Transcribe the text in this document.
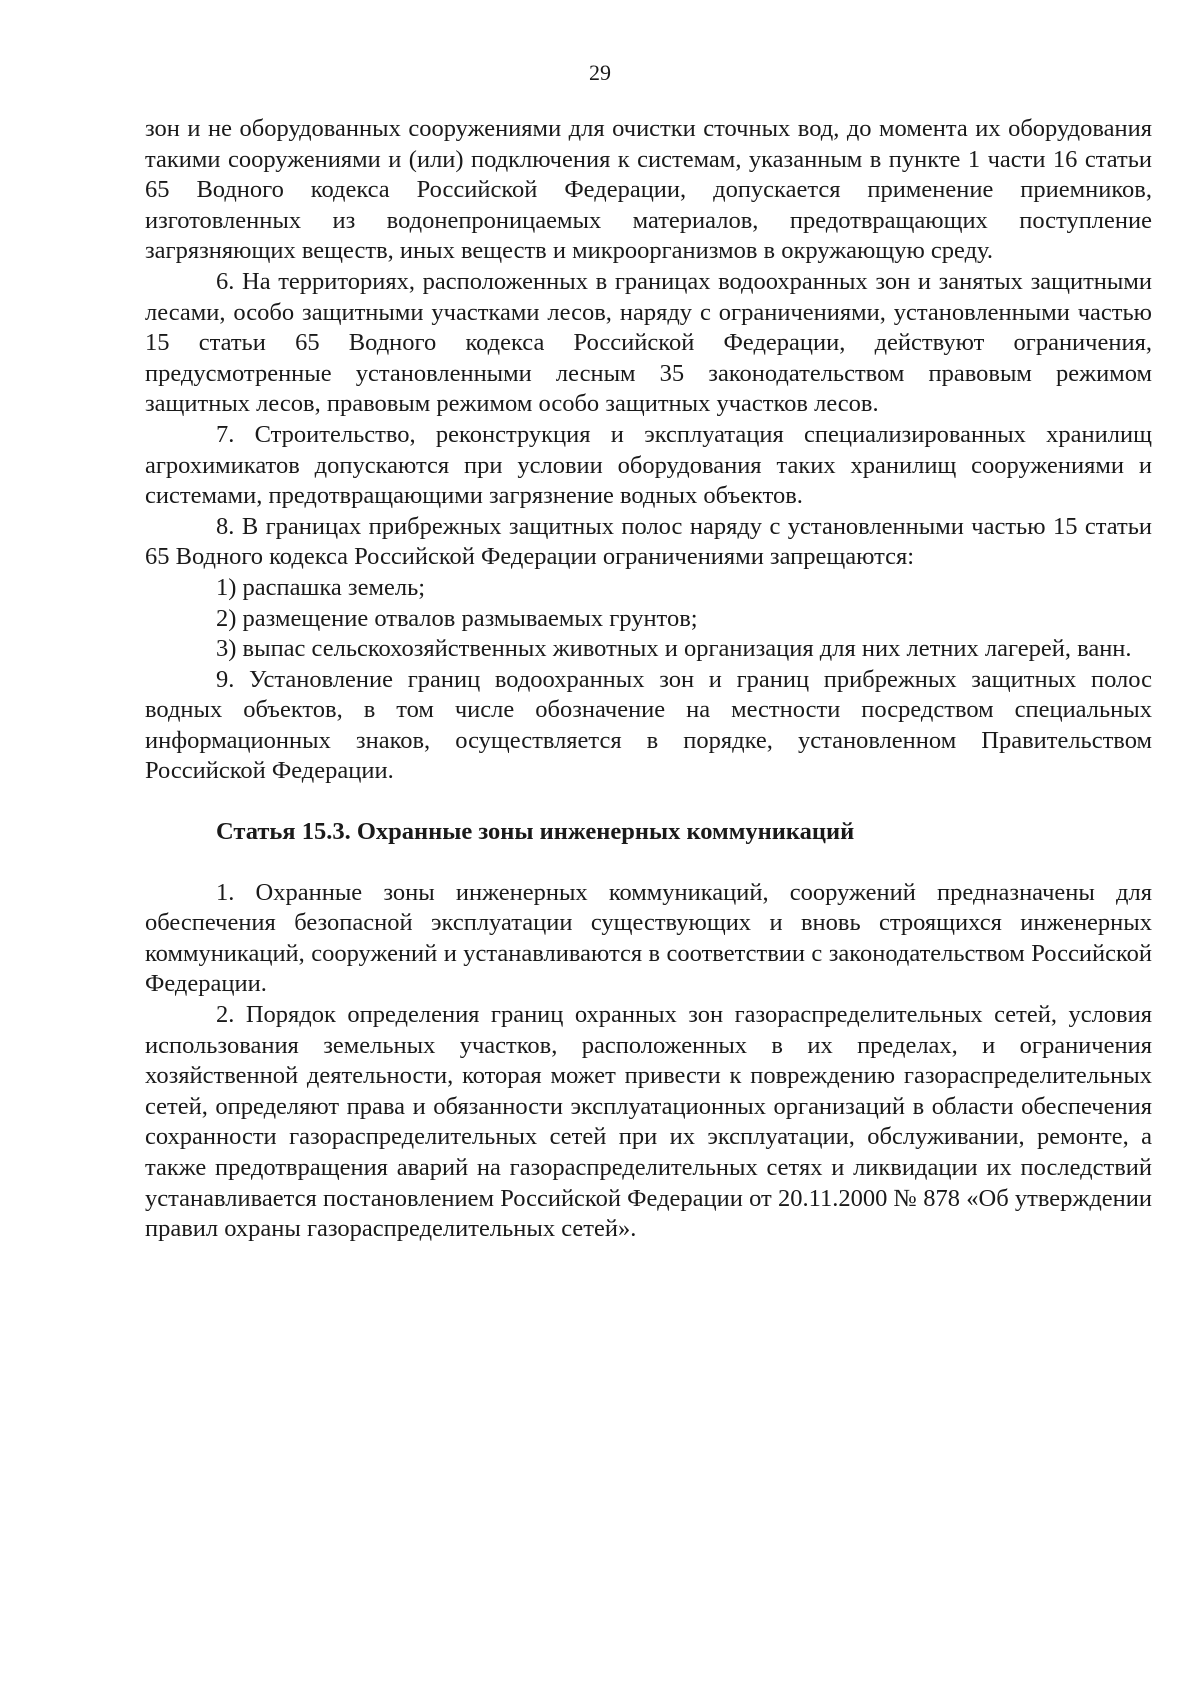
29

зон и не оборудованных сооружениями для очистки сточных вод, до момента их оборудования такими сооружениями и (или) подключения к системам, указанным в пункте 1 части 16 статьи 65 Водного кодекса Российской Федерации, допускается применение приемников, изготовленных из водонепроницаемых материалов, предотвращающих поступление загрязняющих веществ, иных веществ и микроорганизмов в окружающую среду.

6. На территориях, расположенных в границах водоохранных зон и занятых защитными лесами, особо защитными участками лесов, наряду с ограничениями, установленными частью 15 статьи 65 Водного кодекса Российской Федерации, действуют ограничения, предусмотренные установленными лесным 35 законодательством правовым режимом защитных лесов, правовым режимом особо защитных участков лесов.

7. Строительство, реконструкция и эксплуатация специализированных хранилищ агрохимикатов допускаются при условии оборудования таких хранилищ сооружениями и системами, предотвращающими загрязнение водных объектов.

8. В границах прибрежных защитных полос наряду с установленными частью 15 статьи 65 Водного кодекса Российской Федерации ограничениями запрещаются:

1) распашка земель;

2) размещение отвалов размываемых грунтов;

3) выпас сельскохозяйственных животных и организация для них летних лагерей, ванн.

9. Установление границ водоохранных зон и границ прибрежных защитных полос водных объектов, в том числе обозначение на местности посредством специальных информационных знаков, осуществляется в порядке, установленном Правительством Российской Федерации.

Статья 15.3. Охранные зоны инженерных коммуникаций

1. Охранные зоны инженерных коммуникаций, сооружений предназначены для обеспечения безопасной эксплуатации существующих и вновь строящихся инженерных коммуникаций, сооружений и устанавливаются в соответствии с законодательством Российской Федерации.

2. Порядок определения границ охранных зон газораспределительных сетей, условия использования земельных участков, расположенных в их пределах, и ограничения хозяйственной деятельности, которая может привести к повреждению газораспределительных сетей, определяют права и обязанности эксплуатационных организаций в области обеспечения сохранности газораспределительных сетей при их эксплуатации, обслуживании, ремонте, а также предотвращения аварий на газораспределительных сетях и ликвидации их последствий устанавливается постановлением Российской Федерации от 20.11.2000 № 878 «Об утверждении правил охраны газораспределительных сетей».
